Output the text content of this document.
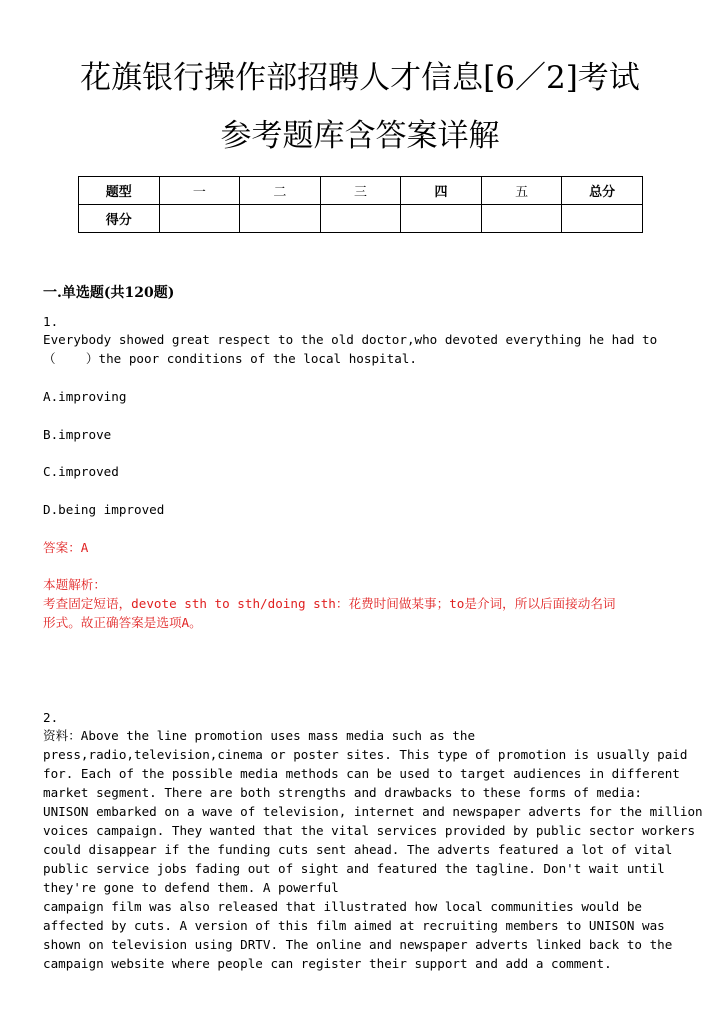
花旗银行操作部招聘人才信息[6／2]考试
参考题库含答案详解
题型	一	二	三	四	五	总分
得分						
一.单选题(共120题)
1.
Everybody showed great respect to the old doctor,who devoted everything he had to
（    ）the poor conditions of the local hospital.
A.improving
B.improve
C.improved
D.being improved
答案：A
本题解析：
考查固定短语，devote sth to sth/doing sth：花费时间做某事；to是介词，所以后面接动名词
形式。故正确答案是选项A。
2.
资料：Above the line promotion uses mass media such as the
press,radio,television,cinema or poster sites. This type of promotion is usually paid
for. Each of the possible media methods can be used to target audiences in different
market segment. There are both strengths and drawbacks to these forms of media:
UNISON embarked on a wave of television, internet and newspaper adverts for the million
voices campaign. They wanted that the vital services provided by public sector workers
could disappear if the funding cuts sent ahead. The adverts featured a lot of vital
public service jobs fading out of sight and featured the tagline. Don't wait until
they're gone to defend them. A powerful
campaign film was also released that illustrated how local communities would be
affected by cuts. A version of this film aimed at recruiting members to UNISON was
shown on television using DRTV. The online and newspaper adverts linked back to the
campaign website where people can register their support and add a comment.
